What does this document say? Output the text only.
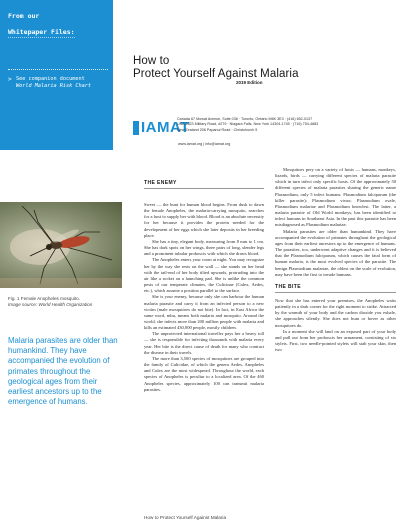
From our
Whitepaper Files:
> See companion document
World Malaria Risk Chart
How to
Protect Yourself Against Malaria
2019 Edition
IAMAT
Canada 67 Mowat Avenue, Suite 036 · Toronto, Ontario M6K 3E3 · (416) 652-0137
USA 1623 Military Road, #279 · Niagara Falls, New York 14304-1745 · (716) 754-4883
New Zealand 206 Papanui Road · Christchurch 5
www.iamat.org | info@iamat.org
Fig. 1 Female Anopheles mosquito.
Image source: World Health Organization
Malaria parasites are older than humankind. They have accompanied the evolution of primates throughout the geological ages from their earliest ancestors up to the emergence of humans.
THE ENEMY

Sweet — the hunt for human blood begins. From dusk to dawn the female Anopheles, the malaria-carrying mosquito, searches for a host to supply her with blood. Blood is an absolute necessity for her because it provides the protein needed for the development of her eggs which she later deposits in her breeding place.

She has a tiny, elegant body, measuring from 8 mm to 1 cm. She has dark spots on her wings, three pairs of long, slender legs and a prominent tubular proboscis with which she draws blood.

The Anopheles enters your room at night. You may recognize her by the way she rests on the wall — she stands on her head with the tail-end of her body tilted upwards, protruding into the air like a rocket on a launching pad. She is unlike the common pests of our temperate climates, the Culicinae (Culex, Aedes, etc.), which assume a position parallel to the surface.

She is your enemy, because only she can harbour the human malaria parasite and carry it from an infected person to a new victim (male mosquitoes do not bite). In fact, in East Africa the same word, mbu, means both malaria and mosquito. Around the world, she infects more than 200 million people with malaria and kills an estimated 430,000 people, mostly children.

The unprotected international traveller pays her a heavy toll — she is responsible for infecting thousands with malaria every year. Her bite is the direct cause of death for many who contract the disease in their travels.

The more than 3,500 species of mosquitoes are grouped into the family of Culicidae, of which the genera Aedes, Anopheles and Culex are the most widespread. Throughout the world, each species of Anopheles is peculiar to a localized area. Of the 460 Anopheles species, approximately 100 can transmit malaria parasites.

Mosquitoes prey on a variety of hosts — humans, monkeys, lizards, birds — carrying different species of malaria parasite which in turn infect only specific hosts. Of the approximately 50 different species of malaria parasites sharing the generic name Plasmodium, only 5 infect humans: Plasmodium falciparum (the killer parasite); Plasmodium vivax; Plasmodium ovale, Plasmodium malariae and Plasmodium knowlesi. The latter, a malaria parasite of Old World monkeys, has been identified to infect humans in Southeast Asia. In the past this parasite has been misdiagnosed as Plasmodium malariae.

Malaria parasites are older than humankind. They have accompanied the evolution of primates throughout the geological ages from their earliest ancestors up to the emergence of humans. The parasites, too, underwent adaptive changes and it is believed that the Plasmodium falciparum, which causes the fatal form of human malaria, is the most evolved species of the parasite. The benign Plasmodium malariae, the oldest on the scale of evolution, may have been the first to invade humans.

THE BITE

Now that she has entered your premises, the Anopheles waits patiently in a dark corner for the right moment to strike. Attracted by the warmth of your body and the carbon dioxide you exhale, she approaches silently. She does not hum or hover as other mosquitoes do.

In a moment she will land on an exposed part of your body and pull out from her proboscis her armament, consisting of six stylets. First, two needle-pointed stylets will stab your skin, then two

How to Protect Yourself Against Malaria
